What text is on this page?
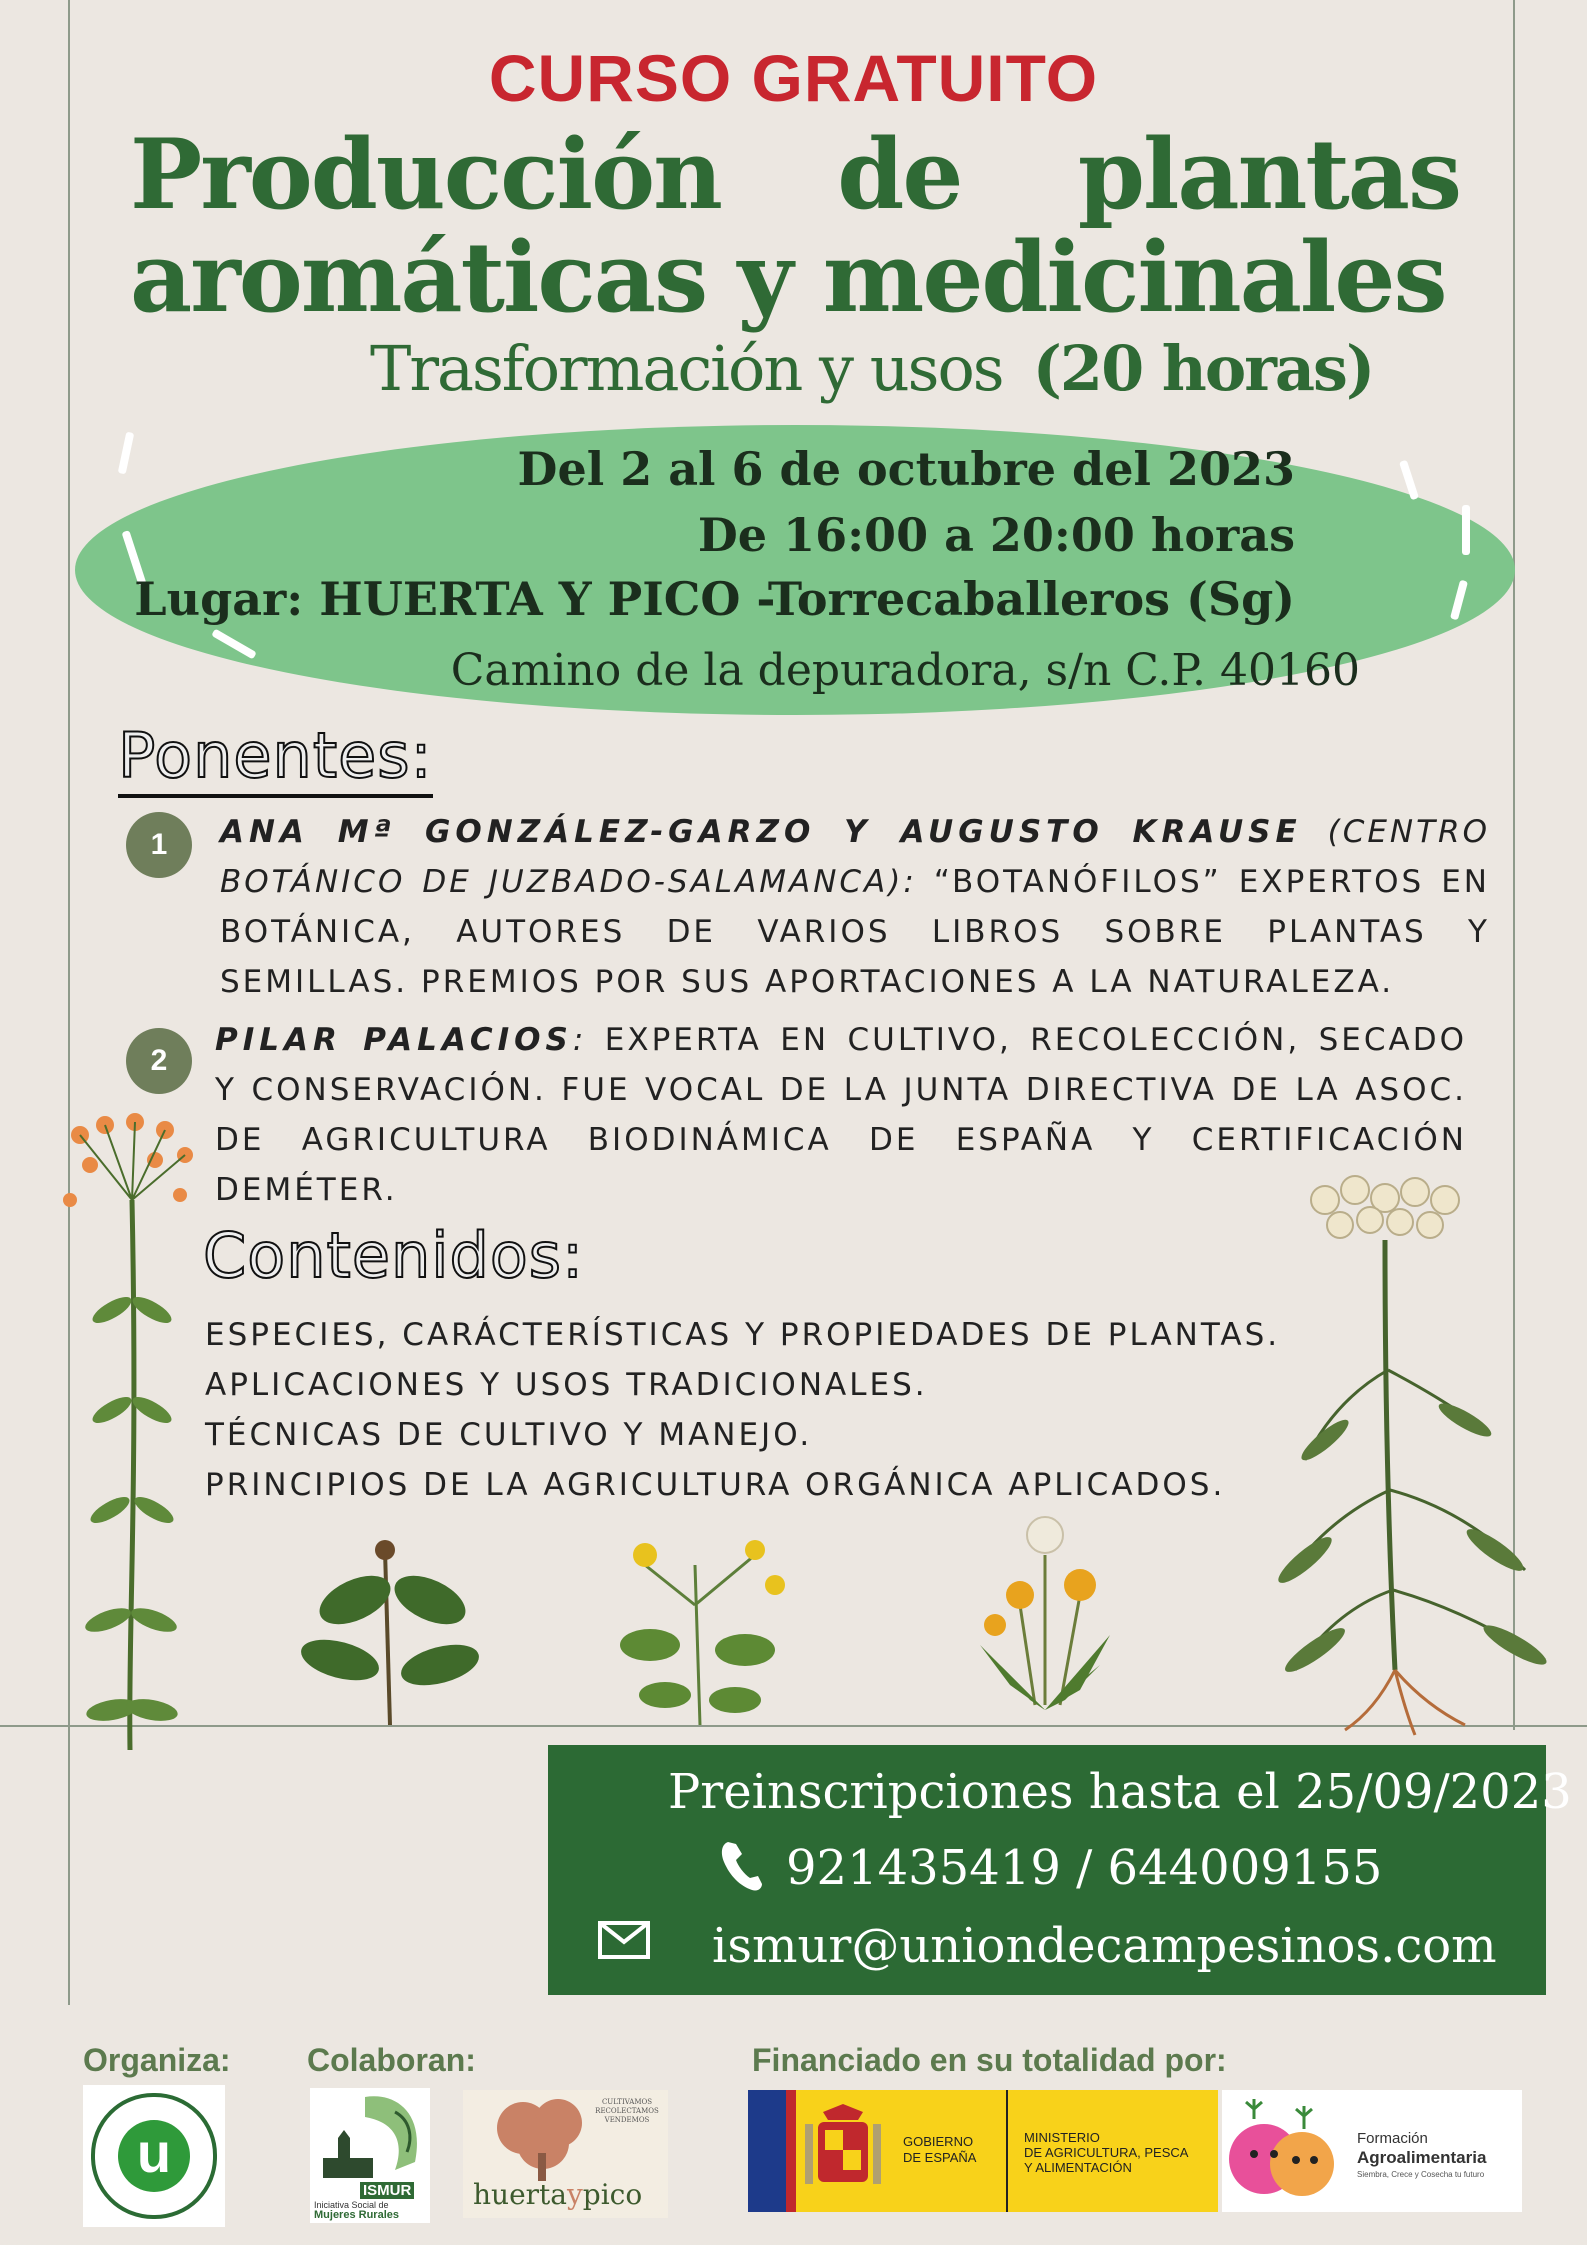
CURSO GRATUITO
Producción de plantas
aromáticas y medicinales
Trasformación y usos (20 horas)
Del 2 al 6 de octubre del 2023
De 16:00 a 20:00 horas
Lugar: HUERTA Y PICO -Torrecaballeros (Sg)
Camino de la depuradora, s/n C.P. 40160
Ponentes:
1	ANA Mª GONZÁLEZ-GARZO Y AUGUSTO KRAUSE (CENTRO BOTÁNICO DE JUZBADO-SALAMANCA): “BOTANÓFILOS” EXPERTOS EN BOTÁNICA, AUTORES DE VARIOS LIBROS SOBRE PLANTAS Y SEMILLAS. PREMIOS POR SUS APORTACIONES A LA NATURALEZA.
2
PILAR PALACIOS: EXPERTA EN CULTIVO, RECOLECCIÓN, SECADO Y CONSERVACIÓN. FUE VOCAL DE LA JUNTA DIRECTIVA DE LA ASOC. DE AGRICULTURA BIODINÁMICA DE ESPAÑA Y CERTIFICACIÓN DEMÉTER.
Contenidos:
ESPECIES, CARÁCTERÍSTICAS Y PROPIEDADES DE PLANTAS.
APLICACIONES Y USOS TRADICIONALES.
TÉCNICAS DE CULTIVO Y MANEJO.
PRINCIPIOS DE LA AGRICULTURA ORGÁNICA APLICADOS.
Preinscripciones hasta el 25/09/2023
921435419 / 644009155
ismur@uniondecampesinos.com
Organiza: Colaboran:	Financiado en su totalidad por:
u
ISMUR
Iniciativa Social de
Mujeres Rurales
CULTIVAMOS RECOLECTAMOS VENDEMOS
huertaypico
GOBIERNO
DE ESPAÑA
MINISTERIO
DE AGRICULTURA, PESCA
Y ALIMENTACIÓN
Formación
Agroalimentaria
Siembra, Crece y Cosecha tu futuro
